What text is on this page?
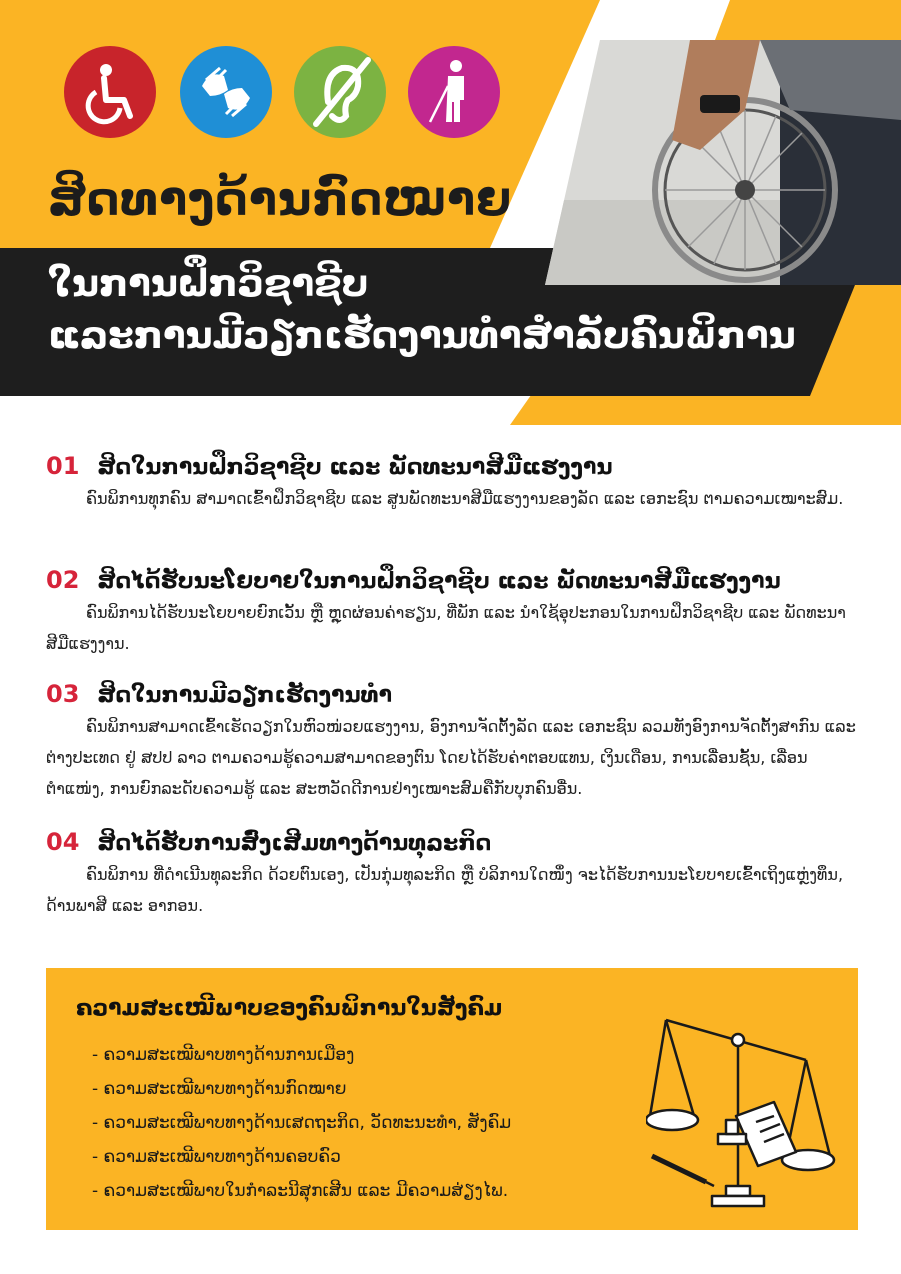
ສິດທາງດ້ານກົດໝາຍ
ໃນການຝຶກວິຊາຊີບ
ແລະການມີວຽກເຮັດງານທຳສຳລັບຄົນພິການ
01 ສິດໃນການຝຶກວິຊາຊີບ ແລະ ພັດທະນາສີມືແຮງງານ
ຄົນພິການທຸກຄົນ ສາມາດເຂົ້າຝຶກວິຊາຊີບ ແລະ ສູນພັດທະນາສີມືແຮງງານຂອງລັດ ແລະ ເອກະຊົນ ຕາມຄວາມເໝາະສົມ.
02 ສິດໄດ້ຮັບນະໂຍບາຍໃນການຝຶກວິຊາຊີບ ແລະ ພັດທະນາສີມືແຮງງານ
ຄົນພິການໄດ້ຮັບນະໂຍບາຍຍົກເວັ້ນ ຫຼື ຫຼຸດຜ່ອນຄ່າຮຽນ, ທີ່ພັກ ແລະ ນຳໃຊ້ອຸປະກອນໃນການຝຶກວິຊາຊີບ ແລະ ພັດທະນາສີມືແຮງງານ.
03 ສິດໃນການມີວຽກເຮັດງານທຳ
ຄົນພິການສາມາດເຂົ້າເຮັດວຽກໃນຫົວໜ່ວຍແຮງງານ, ອົງການຈັດຕັ້ງລັດ ແລະ ເອກະຊົນ ລວມທັງອົງການຈັດຕັ້ງສາກົນ ແລະ ຕ່າງປະເທດ ຢູ່ ສປປ ລາວ ຕາມຄວາມຮູ້ຄວາມສາມາດຂອງຕົນ ໂດຍໄດ້ຮັບຄ່າຕອບແທນ, ເງິນເດືອນ, ການເລື່ອນຊັ້ນ, ເລື່ອນຕຳແໜ່ງ, ການຍົກລະດັບຄວາມຮູ້ ແລະ ສະຫວັດດີການຢ່າງເໝາະສົມຄືກັບບຸກຄົນອື່ນ.
04 ສິດໄດ້ຮັບການສົ່ງເສີມທາງດ້ານທຸລະກິດ
ຄົນພິການ ທີ່ດຳເນີນທຸລະກິດ ດ້ວຍຕົນເອງ, ເປັນກຸ່ມທຸລະກິດ ຫຼື ບໍລິການໃດໜຶ່ງ ຈະໄດ້ຮັບການນະໂຍບາຍເຂົ້າເຖິງແຫຼ່ງທຶນ, ດ້ານພາສີ ແລະ ອາກອນ.
ຄວາມສະເໝີພາບຂອງຄົນພິການໃນສັງຄົມ
- ຄວາມສະເໝີພາບທາງດ້ານການເມືອງ
- ຄວາມສະເໝີພາບທາງດ້ານກົດໝາຍ
- ຄວາມສະເໝີພາບທາງດ້ານເສດຖະກິດ, ວັດທະນະທຳ, ສັງຄົມ
- ຄວາມສະເໝີພາບທາງດ້ານຄອບຄົວ
- ຄວາມສະເໝີພາບໃນກຳລະນີສຸກເສີນ ແລະ ມີຄວາມສ່ຽງໄພ.
